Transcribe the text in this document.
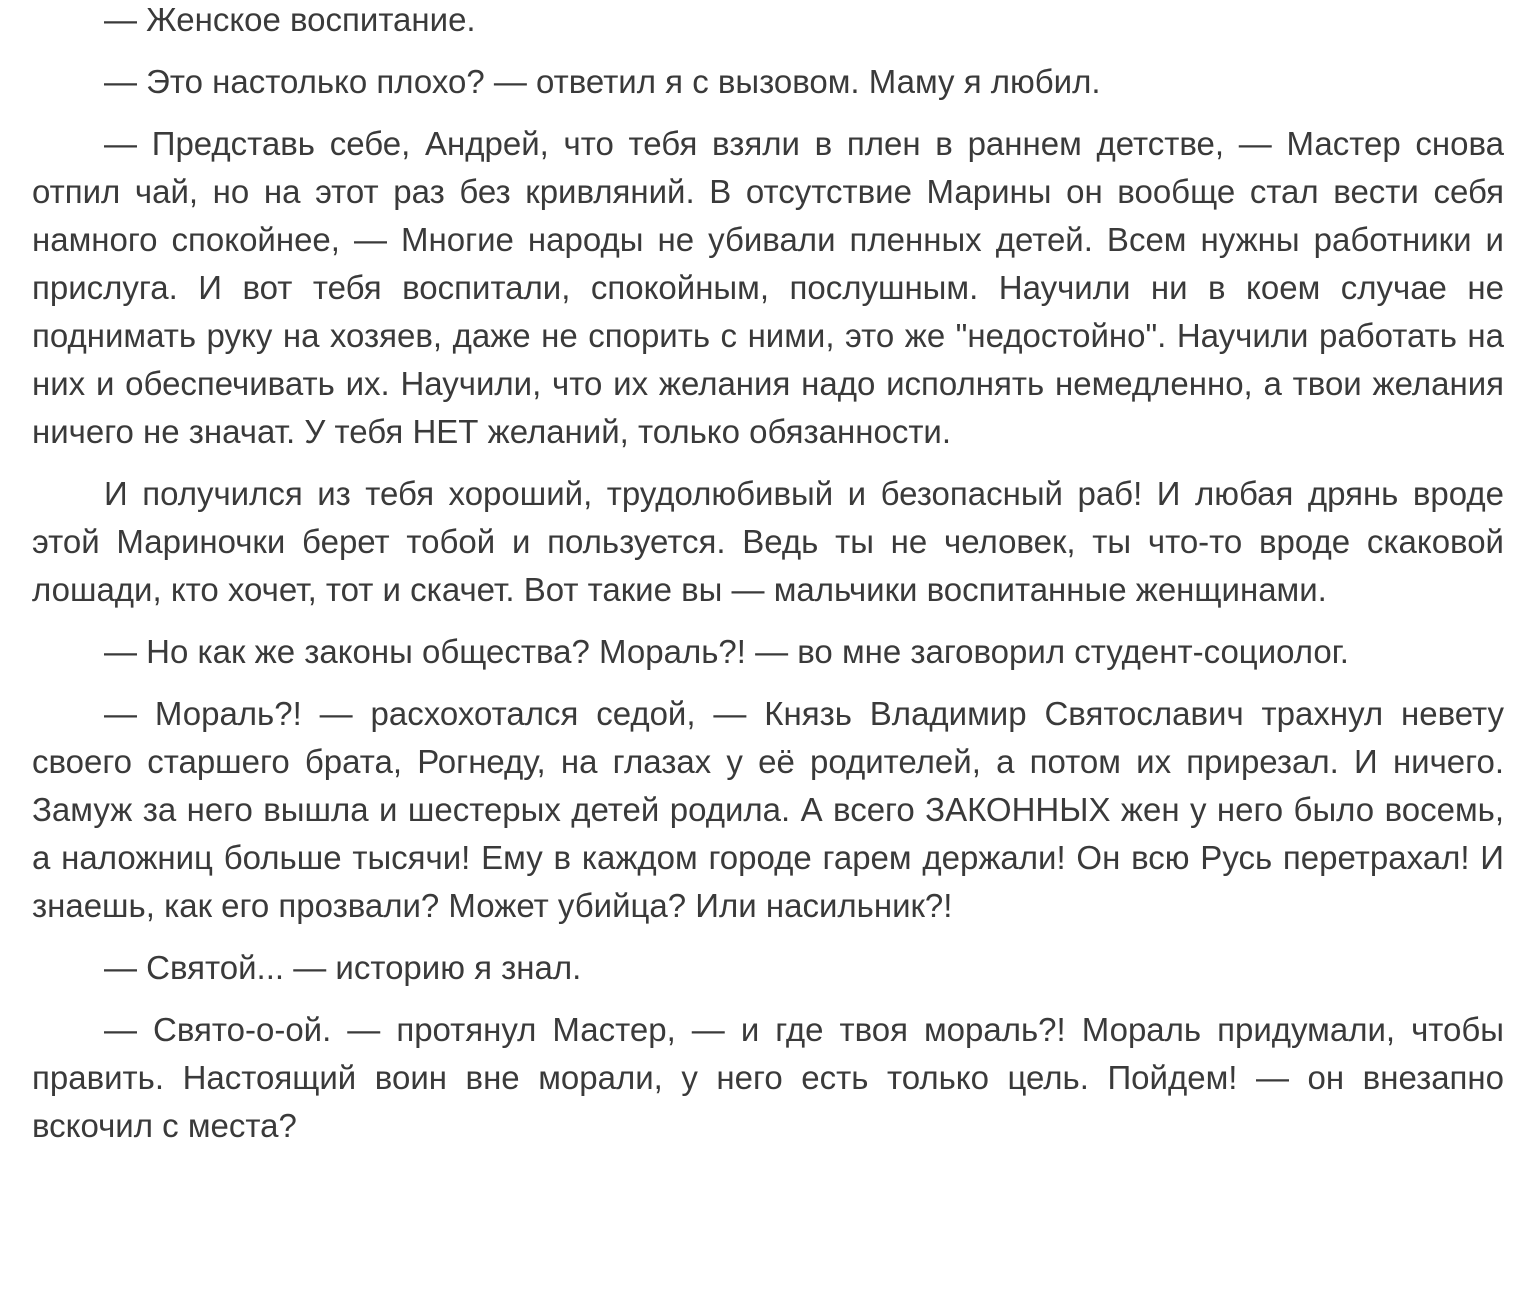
— Женское воспитание.

— Это настолько плохо? — ответил я с вызовом. Маму я любил.

— Представь себе, Андрей, что тебя взяли в плен в раннем детстве, — Мастер снова отпил чай, но на этот раз без кривляний. В отсутствие Марины он вообще стал вести себя намного спокойнее, — Многие народы не убивали пленных детей. Всем нужны работники и прислуга. И вот тебя воспитали, спокойным, послушным. Научили ни в коем случае не поднимать руку на хозяев, даже не спорить с ними, это же "недостойно". Научили работать на них и обеспечивать их. Научили, что их желания надо исполнять немедленно, а твои желания ничего не значат. У тебя НЕТ желаний, только обязанности.

И получился из тебя хороший, трудолюбивый и безопасный раб! И любая дрянь вроде этой Мариночки берет тобой и пользуется. Ведь ты не человек, ты что-то вроде скаковой лошади, кто хочет, тот и скачет. Вот такие вы — мальчики воспитанные женщинами.

— Но как же законы общества? Мораль?! — во мне заговорил студент-социолог.

— Мораль?! — расхохотался седой, — Князь Владимир Святославич трахнул невету своего старшего брата, Рогнеду, на глазах у её родителей, а потом их прирезал. И ничего. Замуж за него вышла и шестерых детей родила. А всего ЗАКОННЫХ жен у него было восемь, а наложниц больше тысячи! Ему в каждом городе гарем держали! Он всю Русь перетрахал! И знаешь, как его прозвали? Может убийца? Или насильник?!

— Святой... — историю я знал.

— Свято-о-ой. — протянул Мастер, — и где твоя мораль?! Мораль придумали, чтобы править. Настоящий воин вне морали, у него есть только цель. Пойдем! — он внезапно вскочил с места?
